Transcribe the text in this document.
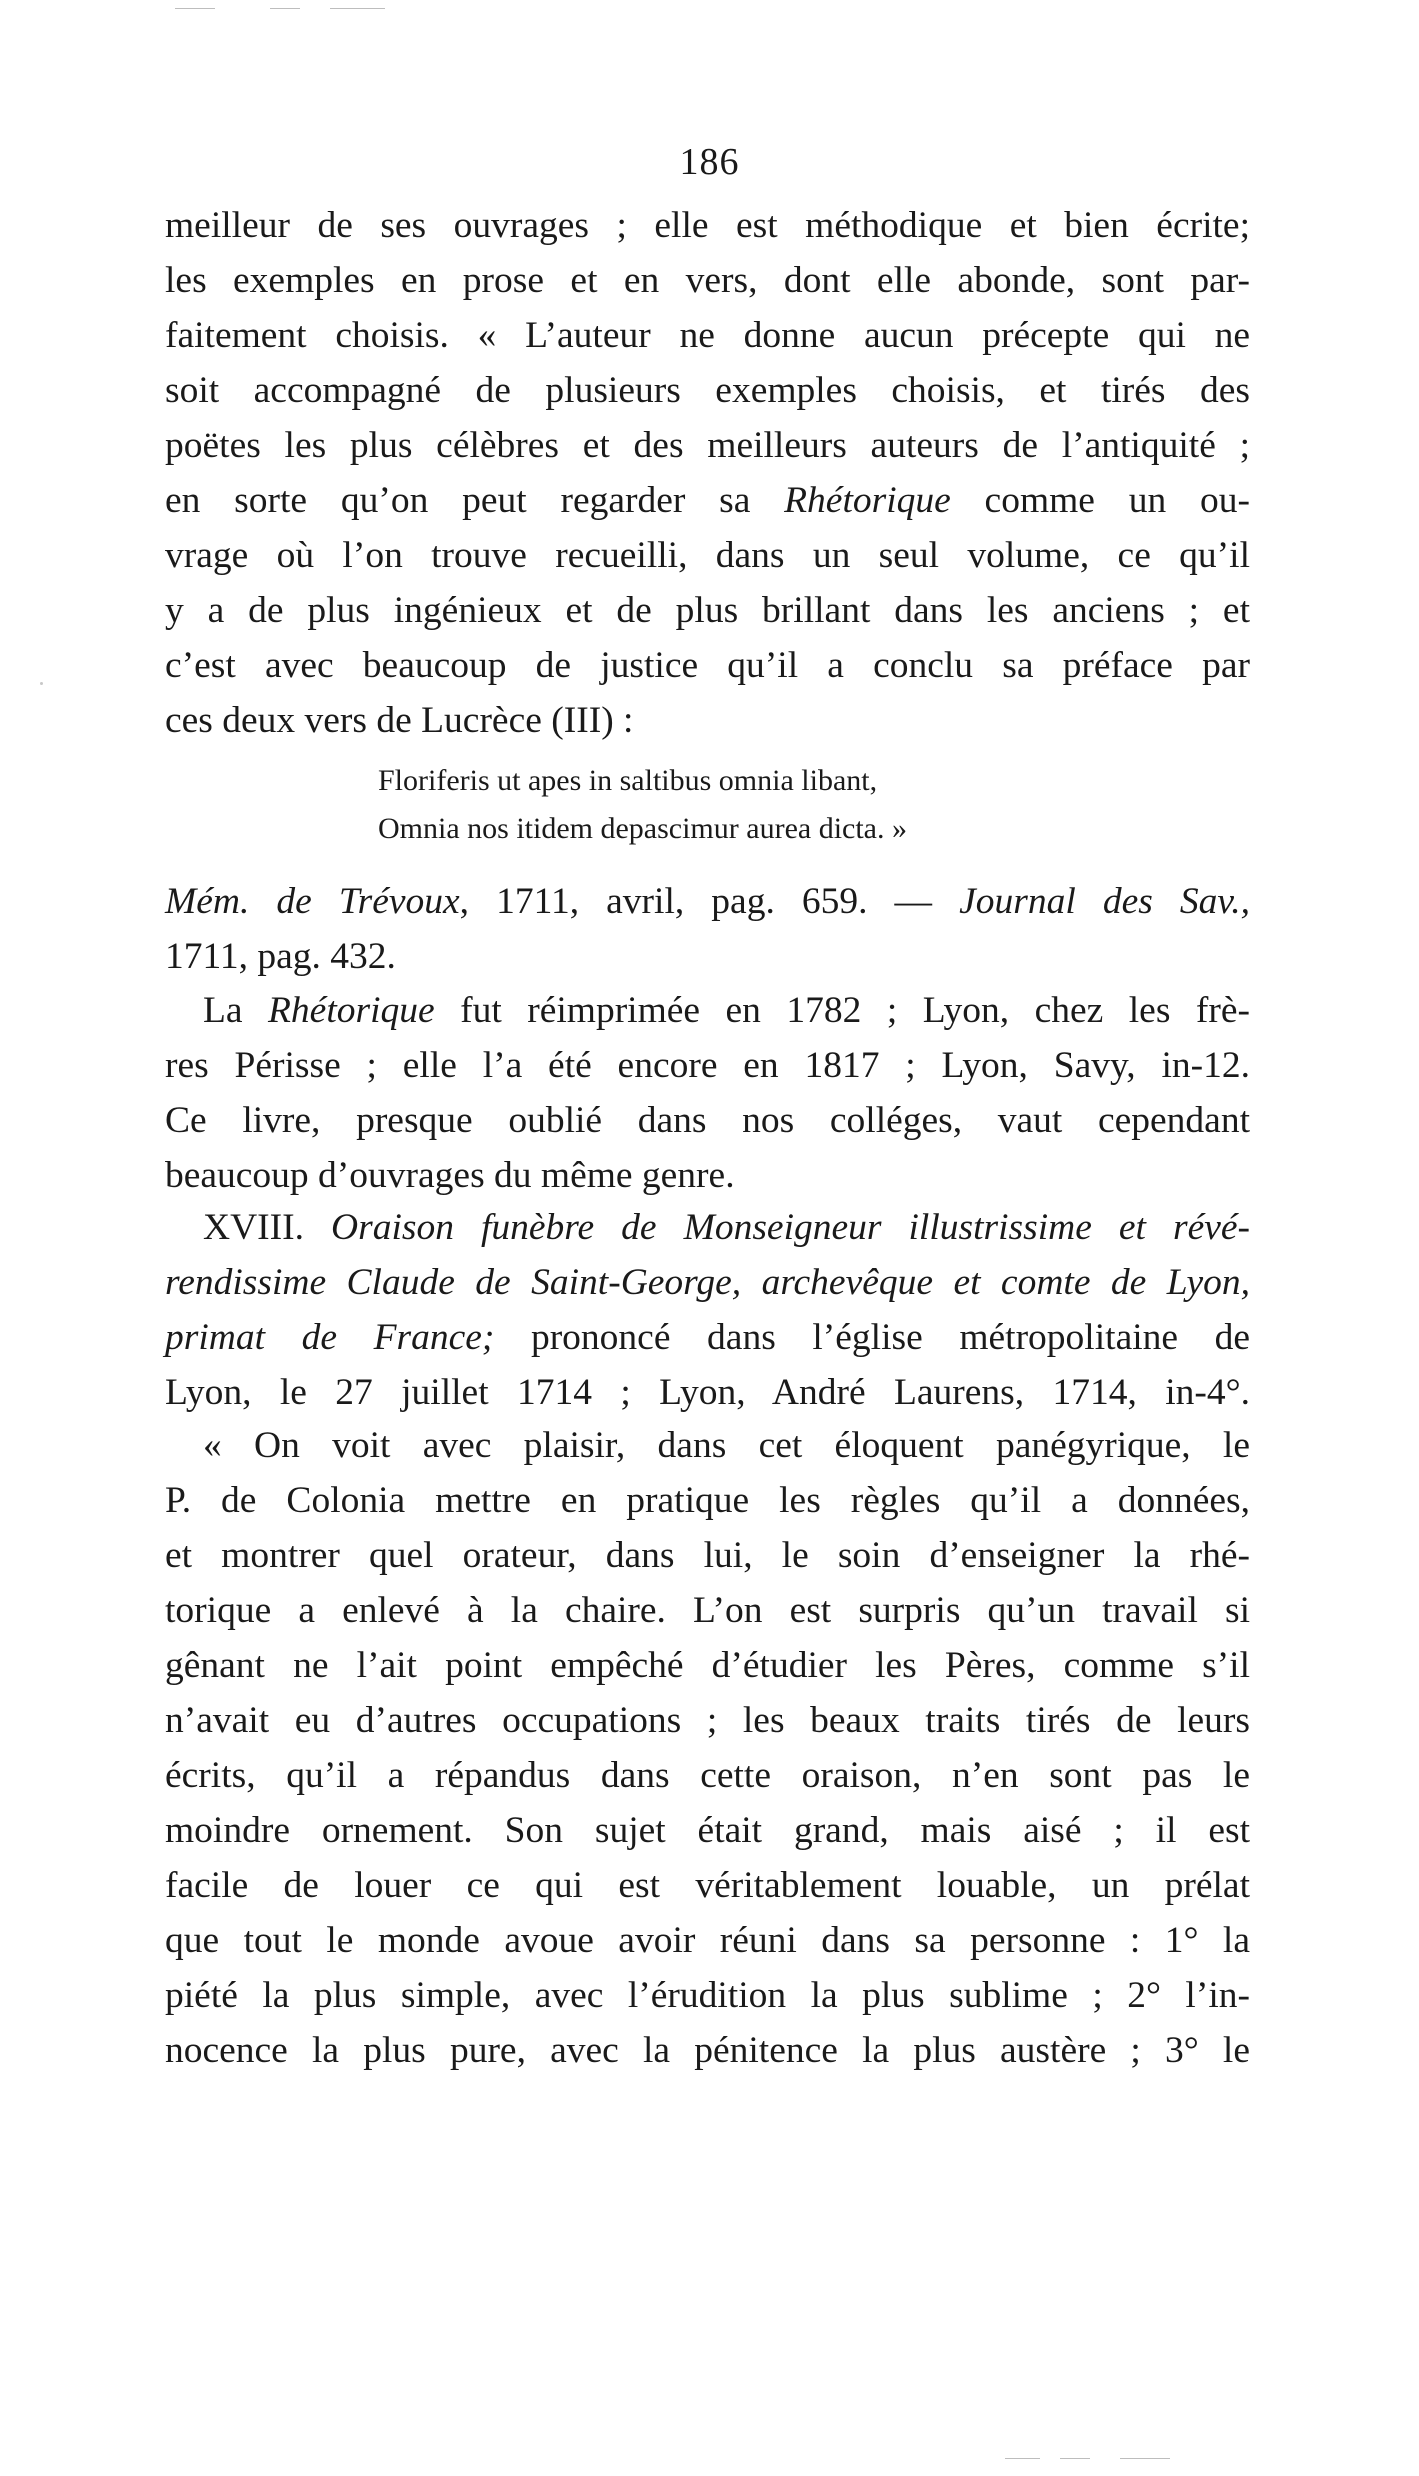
186
meilleur de ses ouvrages ; elle est méthodique et bien écrite;
les exemples en prose et en vers, dont elle abonde, sont par-
faitement choisis. « L’auteur ne donne aucun précepte qui ne
soit accompagné de plusieurs exemples choisis, et tirés des
poëtes les plus célèbres et des meilleurs auteurs de l’antiquité ;
en sorte qu’on peut regarder sa Rhétorique comme un ou-
vrage où l’on trouve recueilli, dans un seul volume, ce qu’il
y a de plus ingénieux et de plus brillant dans les anciens ; et
c’est avec beaucoup de justice qu’il a conclu sa préface par
ces deux vers de Lucrèce (III) :
Floriferis ut apes in saltibus omnia libant,
Omnia nos itidem depascimur aurea dicta. »
Mém. de Trévoux, 1711, avril, pag. 659. — Journal des Sav.,
1711, pag. 432.
La Rhétorique fut réimprimée en 1782 ; Lyon, chez les frè-
res Périsse ; elle l’a été encore en 1817 ; Lyon, Savy, in-12.
Ce livre, presque oublié dans nos colléges, vaut cependant
beaucoup d’ouvrages du même genre.
XVIII. Oraison funèbre de Monseigneur illustrissime et révé-
rendissime Claude de Saint-George, archevêque et comte de Lyon,
primat de France; prononcé dans l’église métropolitaine de
Lyon, le 27 juillet 1714 ; Lyon, André Laurens, 1714, in-4°.
« On voit avec plaisir, dans cet éloquent panégyrique, le
P. de Colonia mettre en pratique les règles qu’il a données,
et montrer quel orateur, dans lui, le soin d’enseigner la rhé-
torique a enlevé à la chaire. L’on est surpris qu’un travail si
gênant ne l’ait point empêché d’étudier les Pères, comme s’il
n’avait eu d’autres occupations ; les beaux traits tirés de leurs
écrits, qu’il a répandus dans cette oraison, n’en sont pas le
moindre ornement. Son sujet était grand, mais aisé ; il est
facile de louer ce qui est véritablement louable, un prélat
que tout le monde avoue avoir réuni dans sa personne : 1° la
piété la plus simple, avec l’érudition la plus sublime ; 2° l’in-
nocence la plus pure, avec la pénitence la plus austère ; 3° le
